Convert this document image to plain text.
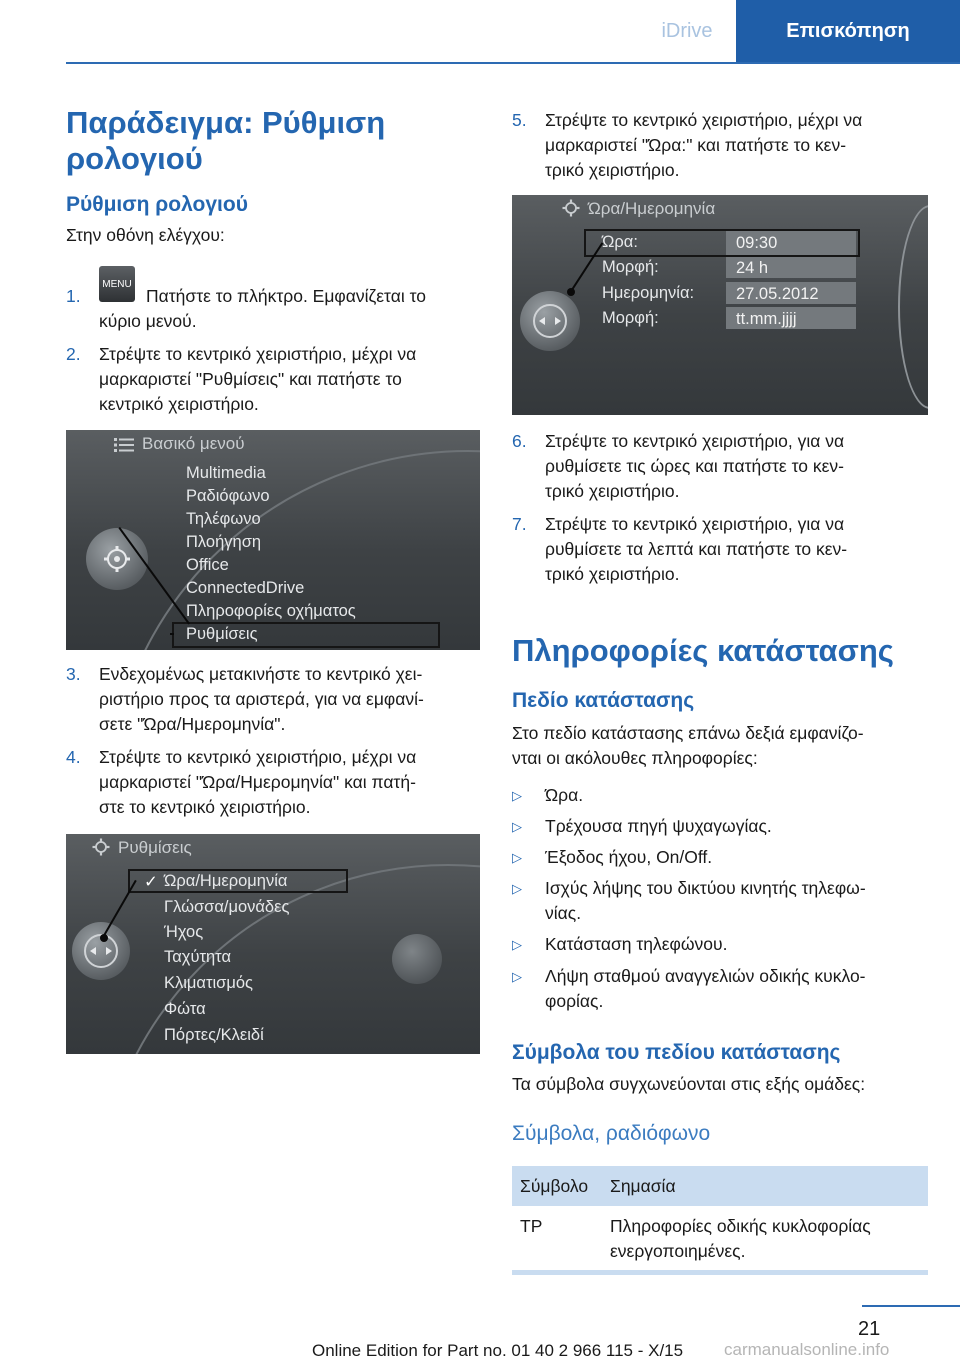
iDrive	Επισκόπηση
Παράδειγμα: Ρύθμιση
ρολογιού
Ρύθμιση ρολογιού
Στην οθόνη ελέγχου:
1.
MENU
Πατήστε το πλήκτρο. Εμφανίζεται το
κύριο μενού.
2. Στρέψτε το κεντρικό χειριστήριο, μέχρι να
μαρκαριστεί "Ρυθμίσεις" και πατήστε το
κεντρικό χειριστήριο.
Βασικό μενού
Multimedia
Ραδιόφωνο
Τηλέφωνο
Πλοήγηση
Office
ConnectedDrive
Πληροφορίες οχήματος
Ρυθμίσεις
3. Ενδεχομένως μετακινήστε το κεντρικό χει‐
ριστήριο προς τα αριστερά, για να εμφανί‐
σετε "Ώρα/Ημερομηνία".
4. Στρέψτε το κεντρικό χειριστήριο, μέχρι να
μαρκαριστεί "Ώρα/Ημερομηνία" και πατή‐
στε το κεντρικό χειριστήριο.
Ρυθμίσεις
✓ Ώρα/Ημερομηνία
Γλώσσα/μονάδες
Ήχος
Ταχύτητα
Κλιματισμός
Φώτα
Πόρτες/Κλειδί
5. Στρέψτε το κεντρικό χειριστήριο, μέχρι να
μαρκαριστεί "Ώρα:" και πατήστε το κεν‐
τρικό χειριστήριο.
Ώρα/Ημερομηνία
Ώρα:	09:30
Μορφή:	24 h
Ημερομηνία:	27.05.2012
Μορφή:	tt.mm.jjjj
6. Στρέψτε το κεντρικό χειριστήριο, για να
ρυθμίσετε τις ώρες και πατήστε το κεν‐
τρικό χειριστήριο.
7. Στρέψτε το κεντρικό χειριστήριο, για να
ρυθμίσετε τα λεπτά και πατήστε το κεν‐
τρικό χειριστήριο.
Πληροφορίες κατάστασης
Πεδίο κατάστασης
Στο πεδίο κατάστασης επάνω δεξιά εμφανίζο‐
νται οι ακόλουθες πληροφορίες:
▷ Ώρα.
▷ Τρέχουσα πηγή ψυχαγωγίας.
▷ Έξοδος ήχου, On/Off.
▷ Ισχύς λήψης του δικτύου κινητής τηλεφω‐
νίας.
▷ Κατάσταση τηλεφώνου.
▷ Λήψη σταθμού αναγγελιών οδικής κυκλο‐
φορίας.
Σύμβολα του πεδίου κατάστασης
Τα σύμβολα συγχωνεύονται στις εξής ομάδες:
Σύμβολα, ραδιόφωνο
Σύμβολο Σημασία
TP	Πληροφορίες οδικής κυκλοφορίας
ενεργοποιημένες.
21
Online Edition for Part no. 01 40 2 966 115 - X/15 carmanualsonline.info
